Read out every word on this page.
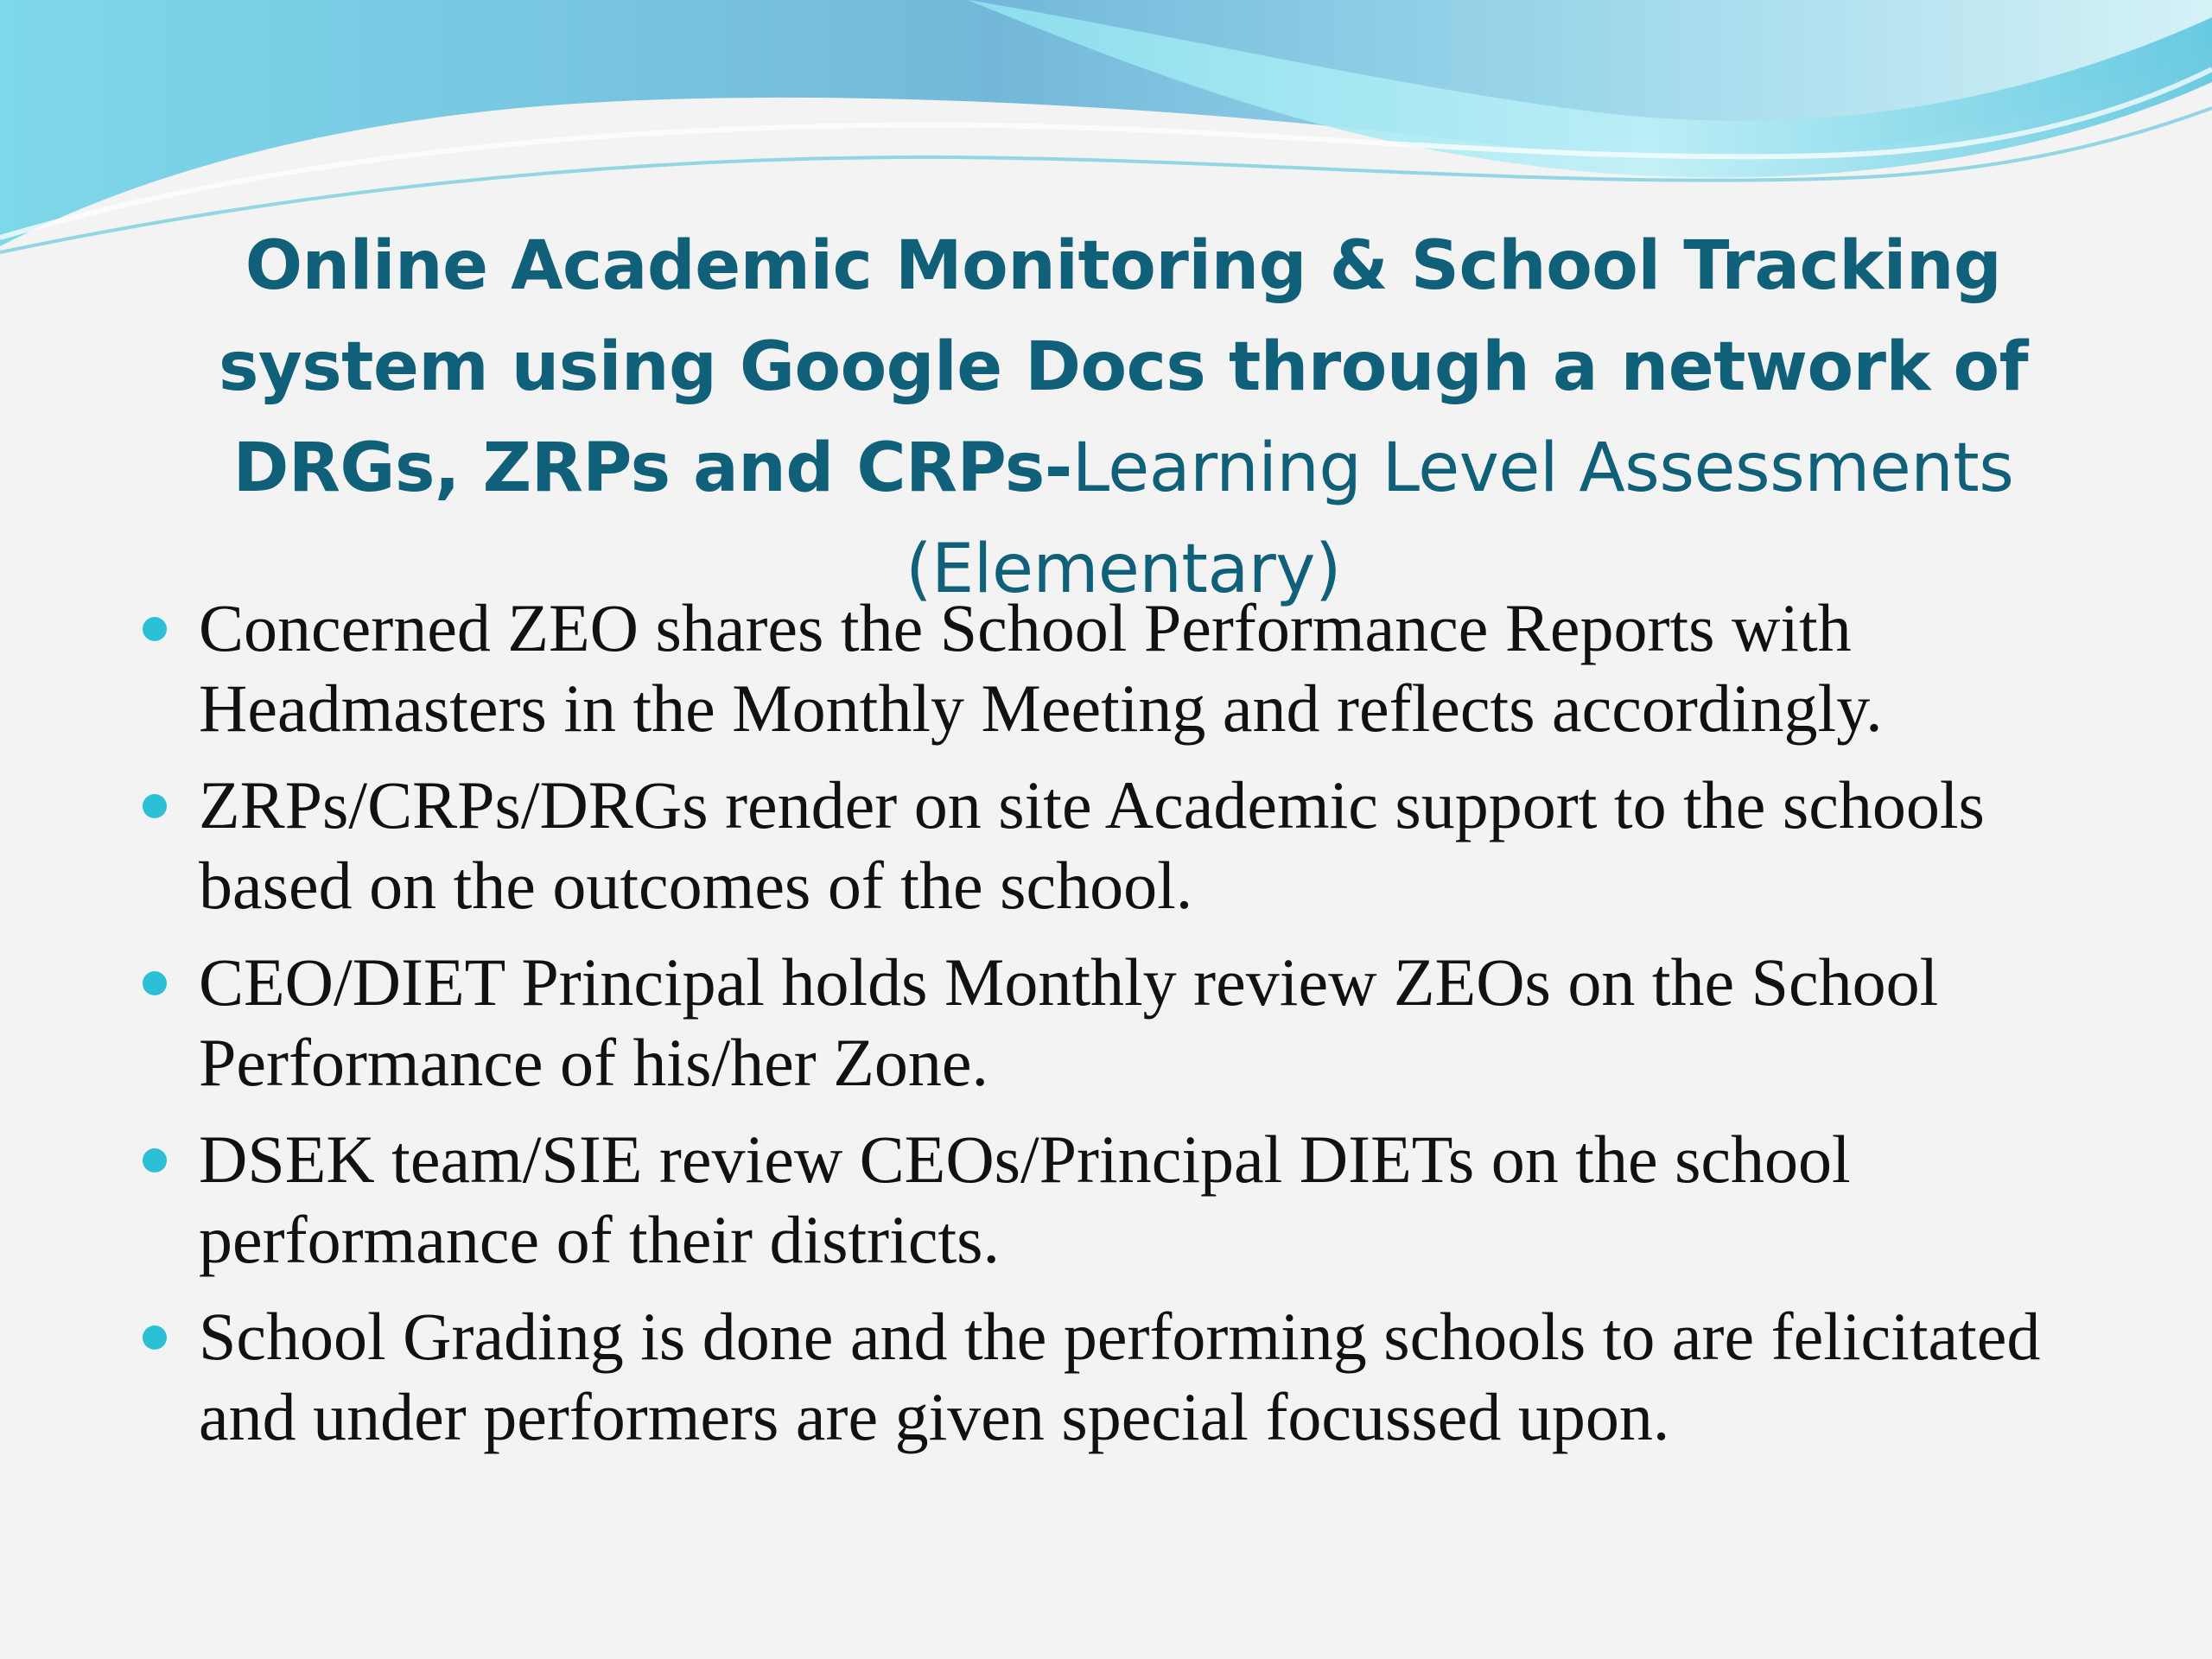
Online Academic Monitoring & School Tracking system using Google Docs through a network of DRGs, ZRPs and CRPs-Learning Level Assessments (Elementary)
Concerned ZEO shares the School Performance Reports with Headmasters in the Monthly Meeting and reflects accordingly.
ZRPs/CRPs/DRGs render on site Academic support to the schools based on the outcomes of the school.
CEO/DIET Principal holds Monthly review ZEOs on the School Performance of his/her Zone.
DSEK team/SIE review CEOs/Principal DIETs on the school performance of their districts.
School Grading is done and the performing schools to are felicitated and under performers are given special focussed upon.
